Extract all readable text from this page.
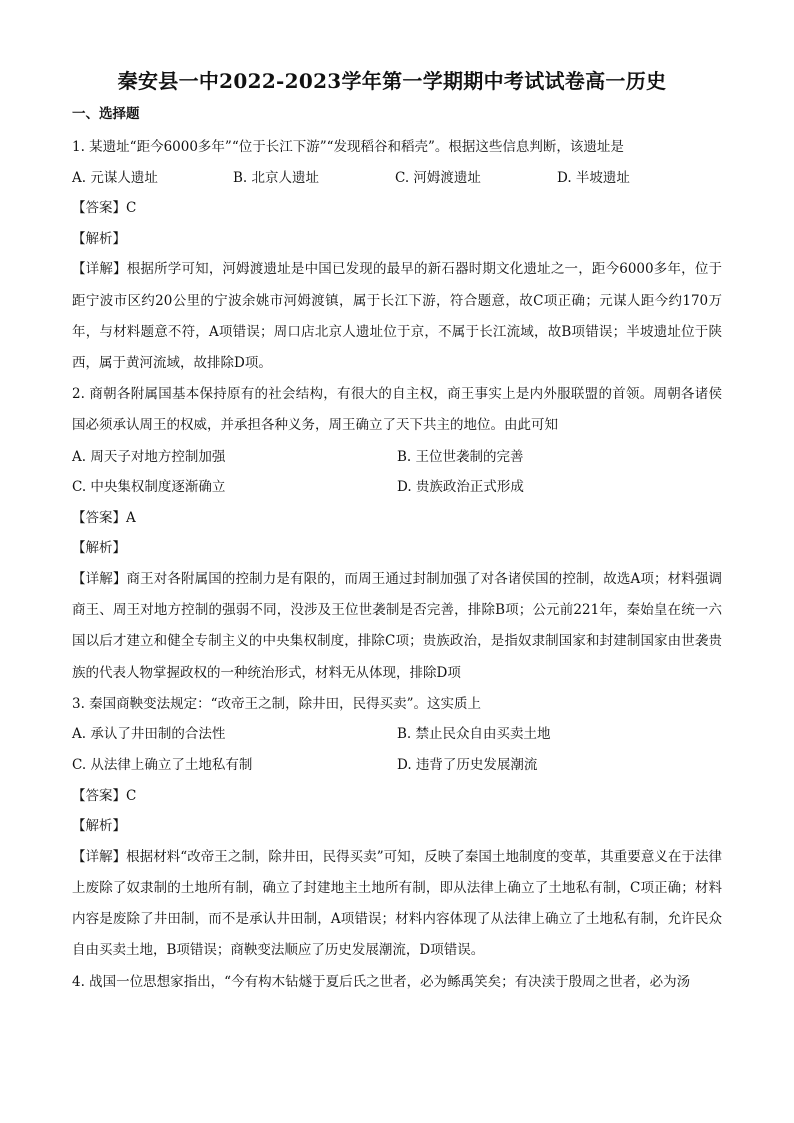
秦安县一中2022-2023学年第一学期期中考试试卷高一历史
一、选择题
1. 某遗址“距今6000多年”“位于长江下游”“发现稻谷和稻壳”。根据这些信息判断，该遗址是
A. 元谋人遗址	B. 北京人遗址	C. 河姆渡遗址	D. 半坡遗址
【答案】C
【解析】
【详解】根据所学可知，河姆渡遗址是中国已发现的最早的新石器时期文化遗址之一，距今6000多年，位于距宁波市区约20公里的宁波余姚市河姆渡镇，属于长江下游，符合题意，故C项正确；元谋人距今约170万年，与材料题意不符，A项错误；周口店北京人遗址位于京，不属于长江流域，故B项错误；半坡遗址位于陕西，属于黄河流域，故排除D项。
2. 商朝各附属国基本保持原有的社会结构，有很大的自主权，商王事实上是内外服联盟的首领。周朝各诸侯国必须承认周王的权威，并承担各种义务，周王确立了天下共主的地位。由此可知
A. 周天子对地方控制加强	B. 王位世袭制的完善
C. 中央集权制度逐渐确立	D. 贵族政治正式形成
【答案】A
【解析】
【详解】商王对各附属国的控制力是有限的，而周王通过封制加强了对各诸侯国的控制，故选A项；材料强调商王、周王对地方控制的强弱不同，没涉及王位世袭制是否完善，排除B项；公元前221年，秦始皇在统一六国以后才建立和健全专制主义的中央集权制度，排除C项；贵族政治，是指奴隶制国家和封建制国家由世袭贵族的代表人物掌握政权的一种统治形式，材料无从体现，排除D项
3. 秦国商鞅变法规定：“改帝王之制，除井田，民得买卖”。这实质上
A. 承认了井田制的合法性	B. 禁止民众自由买卖土地
C. 从法律上确立了土地私有制	D. 违背了历史发展潮流
【答案】C
【解析】
【详解】根据材料“改帝王之制，除井田，民得买卖”可知，反映了秦国土地制度的变革，其重要意义在于法律上废除了奴隶制的土地所有制，确立了封建地主土地所有制，即从法律上确立了土地私有制，C项正确；材料内容是废除了井田制，而不是承认井田制，A项错误；材料内容体现了从法律上确立了土地私有制，允许民众自由买卖土地，B项错误；商鞅变法顺应了历史发展潮流，D项错误。
4. 战国一位思想家指出，“今有构木钻燧于夏后氏之世者，必为鲧禹笑矣；有决渎于殷周之世者，必为汤
